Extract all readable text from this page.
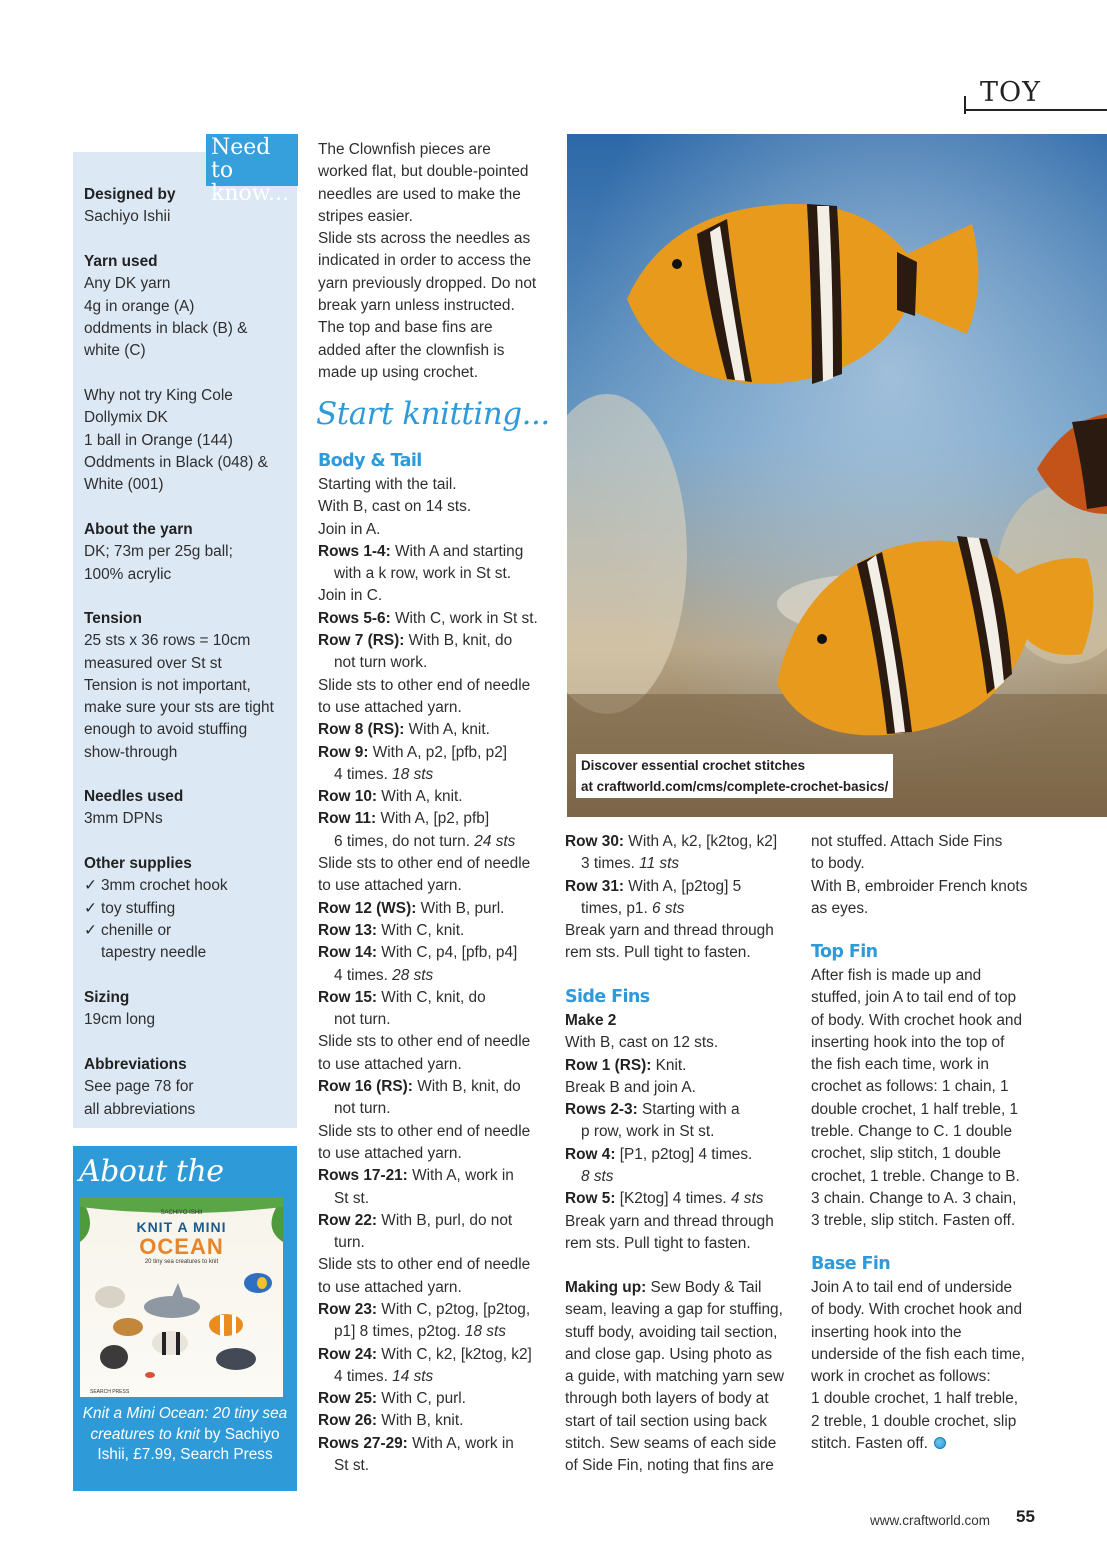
TOY
Need to know...

Designed by

Sachiyo Ishii

Yarn used

Any DK yarn

4g in orange (A)

oddments in black (B) &

white (C)

Why not try King Cole

Dollymix DK

1 ball in Orange (144)

Oddments in Black (048) &

White (001)

About the yarn

DK; 73m per 25g ball;

100% acrylic

Tension

25 sts x 36 rows = 10cm

measured over St st

Tension is not important,

make sure your sts are tight

enough to avoid stuffing

show-through

Needles used

3mm DPNs

Other supplies

✓ 3mm crochet hook

✓ toy stuffing

✓ chenille or

tapestry needle

Sizing

19cm long

Abbreviations

See page 78 for

all abbreviations

About the
SACHIYO ISHII
KNIT A MINI
OCEAN
20 tiny sea creatures to knit
SEARCH PRESS
Knit a Mini Ocean: 20 tiny sea creatures to knit by Sachiyo Ishii, £7.99, Search Press

The Clownfish pieces are

worked flat, but double-pointed

needles are used to make the

stripes easier.

Slide sts across the needles as

indicated in order to access the

yarn previously dropped. Do not

break yarn unless instructed.

The top and base fins are

added after the clownfish is

made up using crochet.

Start knitting...
Body & Tail

Starting with the tail.

With B, cast on 14 sts.

Join in A.

Rows 1-4: With A and starting

with a k row, work in St st.

Join in C.

Rows 5-6: With C, work in St st.

Row 7 (RS): With B, knit, do

not turn work.

Slide sts to other end of needle

to use attached yarn.

Row 8 (RS): With A, knit.

Row 9: With A, p2, [pfb, p2]

4 times. 18 sts

Row 10: With A, knit.

Row 11: With A, [p2, pfb]

6 times, do not turn. 24 sts

Slide sts to other end of needle

to use attached yarn.

Row 12 (WS): With B, purl.

Row 13: With C, knit.

Row 14: With C, p4, [pfb, p4]

4 times. 28 sts

Row 15: With C, knit, do

not turn.

Slide sts to other end of needle

to use attached yarn.

Row 16 (RS): With B, knit, do

not turn.

Slide sts to other end of needle

to use attached yarn.

Rows 17-21: With A, work in

St st.

Row 22: With B, purl, do not

turn.

Slide sts to other end of needle

to use attached yarn.

Row 23: With C, p2tog, [p2tog,

p1] 8 times, p2tog. 18 sts

Row 24: With C, k2, [k2tog, k2]

4 times. 14 sts

Row 25: With C, purl.

Row 26: With B, knit.

Rows 27-29: With A, work in

St st.

Discover essential crochet stitches

at craftworld.com/cms/complete-crochet-basics/

Row 30: With A, k2, [k2tog, k2]

3 times. 11 sts

Row 31: With A, [p2tog] 5

times, p1. 6 sts

Break yarn and thread through

rem sts. Pull tight to fasten.

Side Fins

Make 2

With B, cast on 12 sts.

Row 1 (RS): Knit.

Break B and join A.

Rows 2-3: Starting with a

p row, work in St st.

Row 4: [P1, p2tog] 4 times.

8 sts

Row 5: [K2tog] 4 times. 4 sts

Break yarn and thread through

rem sts. Pull tight to fasten.

Making up: Sew Body & Tail

seam, leaving a gap for stuffing,

stuff body, avoiding tail section,

and close gap. Using photo as

a guide, with matching yarn sew

through both layers of body at

start of tail section using back

stitch. Sew seams of each side

of Side Fin, noting that fins are

not stuffed. Attach Side Fins

to body.

With B, embroider French knots

as eyes.

Top Fin

After fish is made up and

stuffed, join A to tail end of top

of body. With crochet hook and

inserting hook into the top of

the fish each time, work in

crochet as follows: 1 chain, 1

double crochet, 1 half treble, 1

treble. Change to C. 1 double

crochet, slip stitch, 1 double

crochet, 1 treble. Change to B.

3 chain. Change to A. 3 chain,

3 treble, slip stitch. Fasten off.

Base Fin

Join A to tail end of underside

of body. With crochet hook and

inserting hook into the

underside of the fish each time,

work in crochet as follows:

1 double crochet, 1 half treble,

2 treble, 1 double crochet, slip

stitch. Fasten off.

www.craftworld.com 55
